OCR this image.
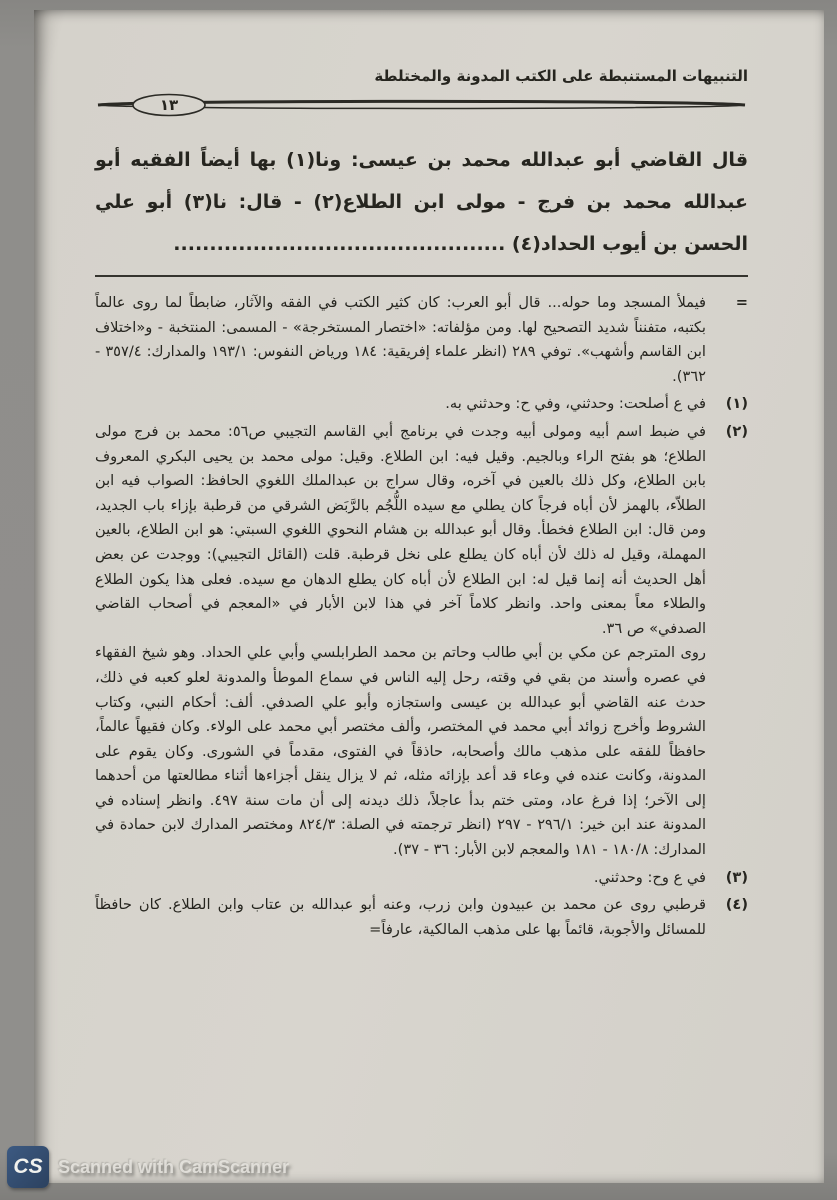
التنبيهات المستنبطة على الكتب المدونة والمختلطة
١٣
قال القاضي أبو عبدالله محمد بن عيسى: ونا(١) بها أيضاً الفقيه أبو
عبدالله محمد بن فرج - مولى ابن الطلاع(٢) - قال: نا(٣) أبو علي
الحسن بن أيوب الحداد(٤) ..............................................
=

فيملأ المسجد وما حوله... قال أبو العرب: كان كثير الكتب في الفقه والآثار، ضابطاً لما روى عالماً بكتبه، متفنناً شديد التصحيح لها. ومن مؤلفاته: «اختصار المستخرجة» - المسمى: المنتخبة - و«اختلاف ابن القاسم وأشهب». توفي ٢٨٩ (انظر علماء إفريقية: ١٨٤ ورياض النفوس: ١٩٣/١ والمدارك: ٣٥٧/٤ - ٣٦٢).

(١)

في ع أصلحت: وحدثني، وفي ح: وحدثني به.

(٢)

في ضبط اسم أبيه ومولى أبيه وجدت في برنامج أبي القاسم التجيبي ص٥٦: محمد بن فرج مولى الطلاع؛ هو بفتح الراء وبالجيم. وقيل فيه: ابن الطلاع. وقيل: مولى محمد بن يحيى البكري المعروف بابن الطلاع، وكل ذلك بالعين في آخره، وقال سراج بن عبدالملك اللغوي الحافظ: الصواب فيه ابن الطلاّء، بالهمز لأن أباه فرجاً كان يطلي مع سيده اللُّجُم بالرَّبَض الشرقي من قرطبة بإزاء باب الجديد، ومن قال: ابن الطلاع فخطأ. وقال أبو عبدالله بن هشام النحوي اللغوي السبتي: هو ابن الطلاع، بالعين المهملة، وقيل له ذلك لأن أباه كان يطلع على نخل قرطبة. قلت (القائل التجيبي): ووجدت عن بعض أهل الحديث أنه إنما قيل له: ابن الطلاع لأن أباه كان يطلع الدهان مع سيده. فعلى هذا يكون الطلاع والطلاء معاً بمعنى واحد. وانظر كلاماً آخر في هذا لابن الأبار في «المعجم في أصحاب القاضي الصدفي» ص ٣٦.

روى المترجم عن مكي بن أبي طالب وحاتم بن محمد الطرابلسي وأبي علي الحداد. وهو شيخ الفقهاء في عصره وأسند من بقي في وقته، رحل إليه الناس في سماع الموطأ والمدونة لعلو كعبه في ذلك، حدث عنه القاضي أبو عبدالله بن عيسى واستجازه وأبو علي الصدفي. ألف: أحكام النبي، وكتاب الشروط وأخرج زوائد أبي محمد في المختصر، وألف مختصر أبي محمد على الولاء. وكان فقيهاً عالماً، حافظاً للفقه على مذهب مالك وأصحابه، حاذقاً في الفتوى، مقدماً في الشورى. وكان يقوم على المدونة، وكانت عنده في وعاء قد أعد بإزائه مثله، ثم لا يزال ينقل أجزاءها أثناء مطالعتها من أحدهما إلى الآخر؛ إذا فرغ عاد، ومتى ختم بدأ عاجلاً، ذلك ديدنه إلى أن مات سنة ٤٩٧. وانظر إسناده في المدونة عند ابن خير: ٢٩٦/١ - ٢٩٧ (انظر ترجمته في الصلة: ٨٢٤/٣ ومختصر المدارك لابن حمادة في المدارك: ١٨٠/٨ - ١٨١ والمعجم لابن الأبار: ٣٦ - ٣٧).

(٣)

في ع وح: وحدثني.

(٤)

قرطبي روى عن محمد بن عبيدون وابن زرب، وعنه أبو عبدالله بن عتاب وابن الطلاع. كان حافظاً للمسائل والأجوبة، قائماً بها على مذهب المالكية، عارفاً=

CS Scanned with CamScanner
